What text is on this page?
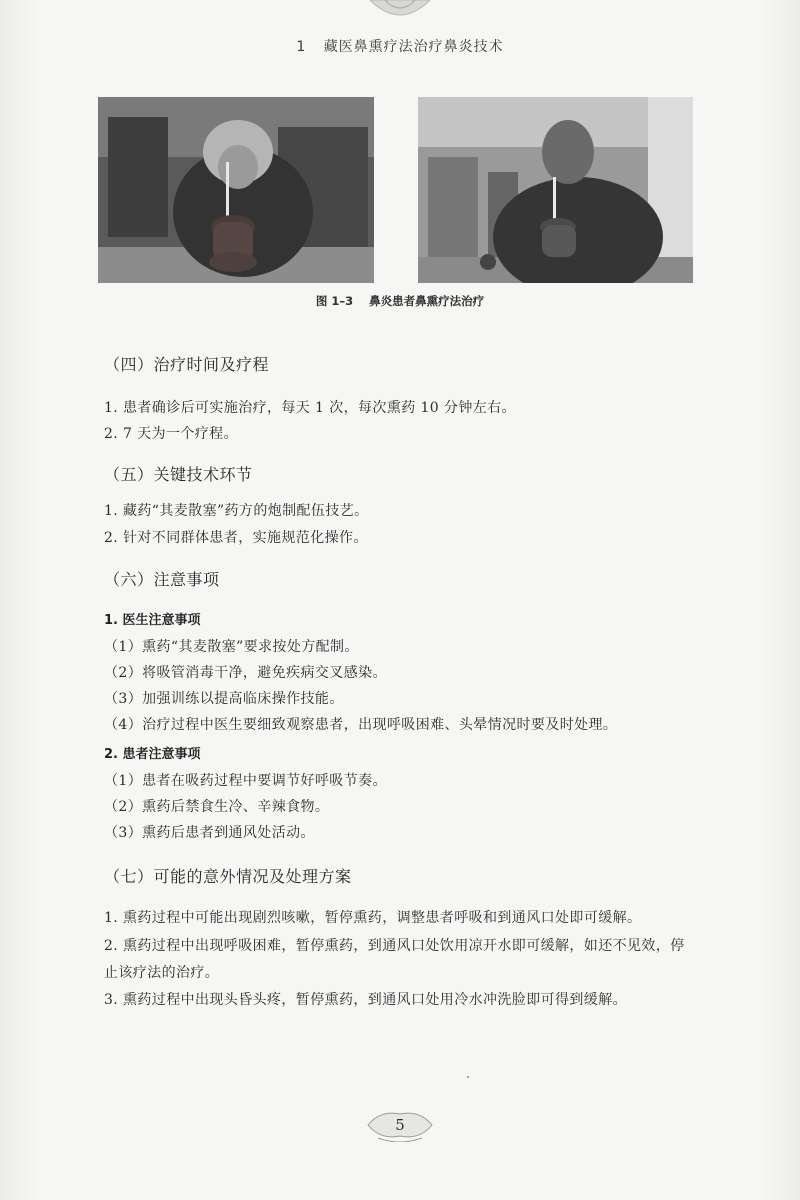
1 藏医鼻熏疗法治疗鼻炎技术
图 1–3 鼻炎患者鼻熏疗法治疗
（四）治疗时间及疗程
1. 患者确诊后可实施治疗，每天 1 次，每次熏药 10 分钟左右。
2. 7 天为一个疗程。
（五）关键技术环节
1. 藏药“其麦散塞”药方的炮制配伍技艺。
2. 针对不同群体患者，实施规范化操作。
（六）注意事项
1. 医生注意事项
（1）熏药“其麦散塞”要求按处方配制。
（2）将吸管消毒干净，避免疾病交叉感染。
（3）加强训练以提高临床操作技能。
（4）治疗过程中医生要细致观察患者，出现呼吸困难、头晕情况时要及时处理。
2. 患者注意事项
（1）患者在吸药过程中要调节好呼吸节奏。
（2）熏药后禁食生冷、辛辣食物。
（3）熏药后患者到通风处活动。
（七）可能的意外情况及处理方案
1. 熏药过程中可能出现剧烈咳嗽，暂停熏药，调整患者呼吸和到通风口处即可缓解。
2. 熏药过程中出现呼吸困难，暂停熏药，到通风口处饮用凉开水即可缓解，如还不见效，停
止该疗法的治疗。
3. 熏药过程中出现头昏头疼，暂停熏药，到通风口处用冷水冲洗脸即可得到缓解。
5
